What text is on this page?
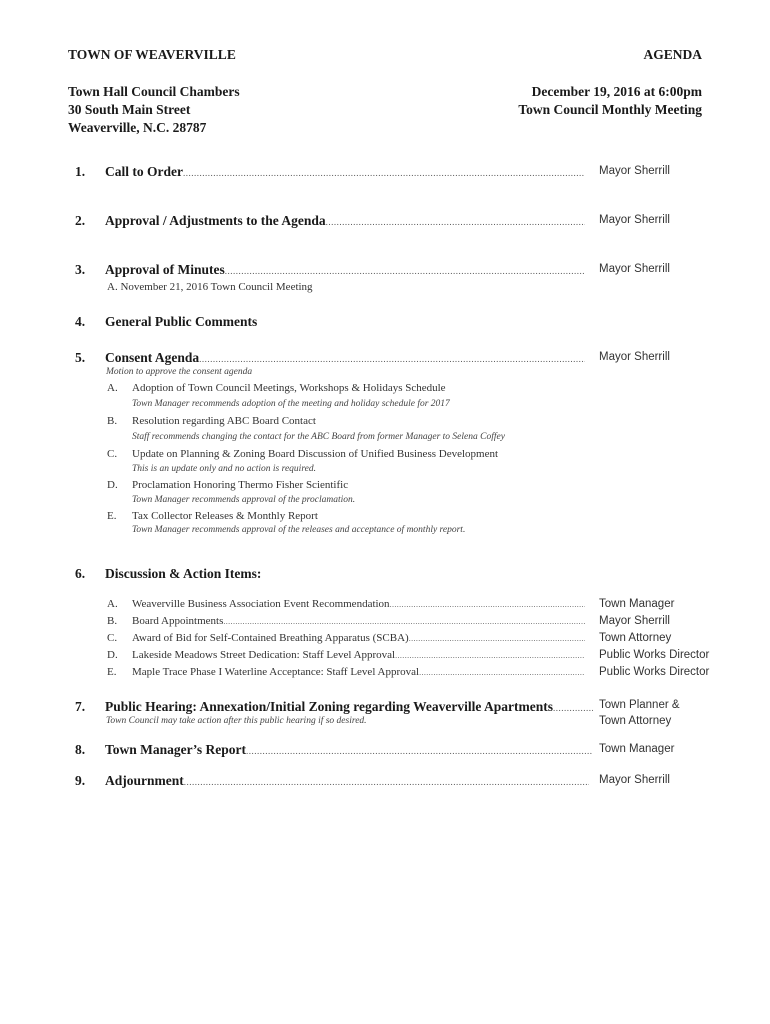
TOWN OF WEAVERVILLE	AGENDA
Town Hall Council Chambers
30 South Main Street
Weaverville, N.C. 28787
December 19, 2016 at 6:00pm
Town Council Monthly Meeting
1. Call to Order .....	Mayor Sherrill
2. Approval / Adjustments to the Agenda .....	Mayor Sherrill
3. Approval of Minutes .....	Mayor Sherrill
A. November 21, 2016 Town Council Meeting
4. General Public Comments
5. Consent Agenda .....	Mayor Sherrill
Motion to approve the consent agenda
A. Adoption of Town Council Meetings, Workshops & Holidays Schedule
Town Manager recommends adoption of the meeting and holiday schedule for 2017
B. Resolution regarding ABC Board Contact
Staff recommends changing the contact for the ABC Board from former Manager to Selena Coffey
C. Update on Planning & Zoning Board Discussion of Unified Business Development
This is an update only and no action is required.
D. Proclamation Honoring Thermo Fisher Scientific
Town Manager recommends approval of the proclamation.
E. Tax Collector Releases & Monthly Report
Town Manager recommends approval of the releases and acceptance of monthly report.
6. Discussion & Action Items:
A.	Weaverville Business Association Event Recommendation .....	Town Manager
B.	Board Appointments .....	Mayor Sherrill
C.	Award of Bid for Self-Contained Breathing Apparatus (SCBA) .....	Town Attorney
D.	Lakeside Meadows Street Dedication: Staff Level Approval .....	Public Works Director
E.	Maple Trace Phase I Waterline Acceptance: Staff Level Approval .....	Public Works Director
7. Public Hearing: Annexation/Initial Zoning regarding Weaverville Apartments .....	Town Planner &
Town Attorney
Town Council may take action after this public hearing if so desired.
8. Town Manager’s Report .....	Town Manager
9. Adjournment .....	Mayor Sherrill
